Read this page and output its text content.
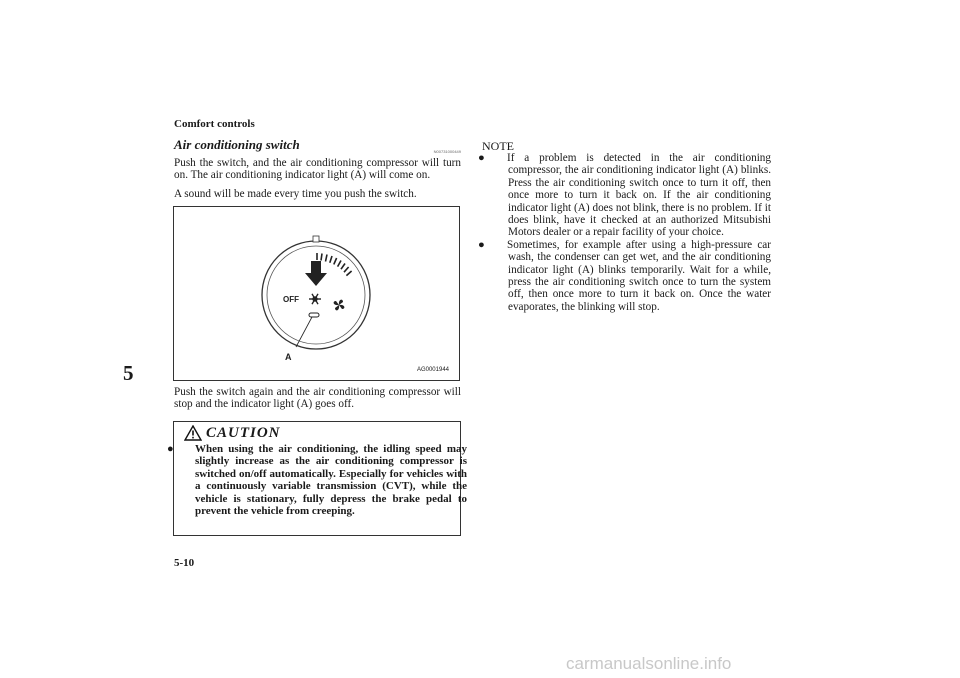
Comfort controls
5
Air conditioning switch	N00731000449
Push the switch, and the air conditioning compressor will turn on. The air conditioning indicator light (A) will come on.
A sound will be made every time you push the switch.
OFF
A
AG0001944
Push the switch again and the air conditioning compressor will stop and the indicator light (A) goes off.
CAUTION
● When using the air conditioning, the idling speed may slightly increase as the air conditioning compressor is switched on/off automatically. Especially for vehicles with a continuously variable transmission (CVT), while the vehicle is stationary, fully depress the brake pedal to prevent the vehicle from creeping.
NOTE
● If a problem is detected in the air conditioning compressor, the air conditioning indicator light (A) blinks. Press the air conditioning switch once to turn it off, then once more to turn it back on. If the air conditioning indicator light (A) does not blink, there is no problem. If it does blink, have it checked at an authorized Mitsubishi Motors dealer or a repair facility of your choice.
● Sometimes, for example after using a high-pressure car wash, the condenser can get wet, and the air conditioning indicator light (A) blinks temporarily. Wait for a while, press the air conditioning switch once to turn the system off, then once more to turn it back on. Once the water evaporates, the blinking will stop.
5-10
carmanualsonline.info
